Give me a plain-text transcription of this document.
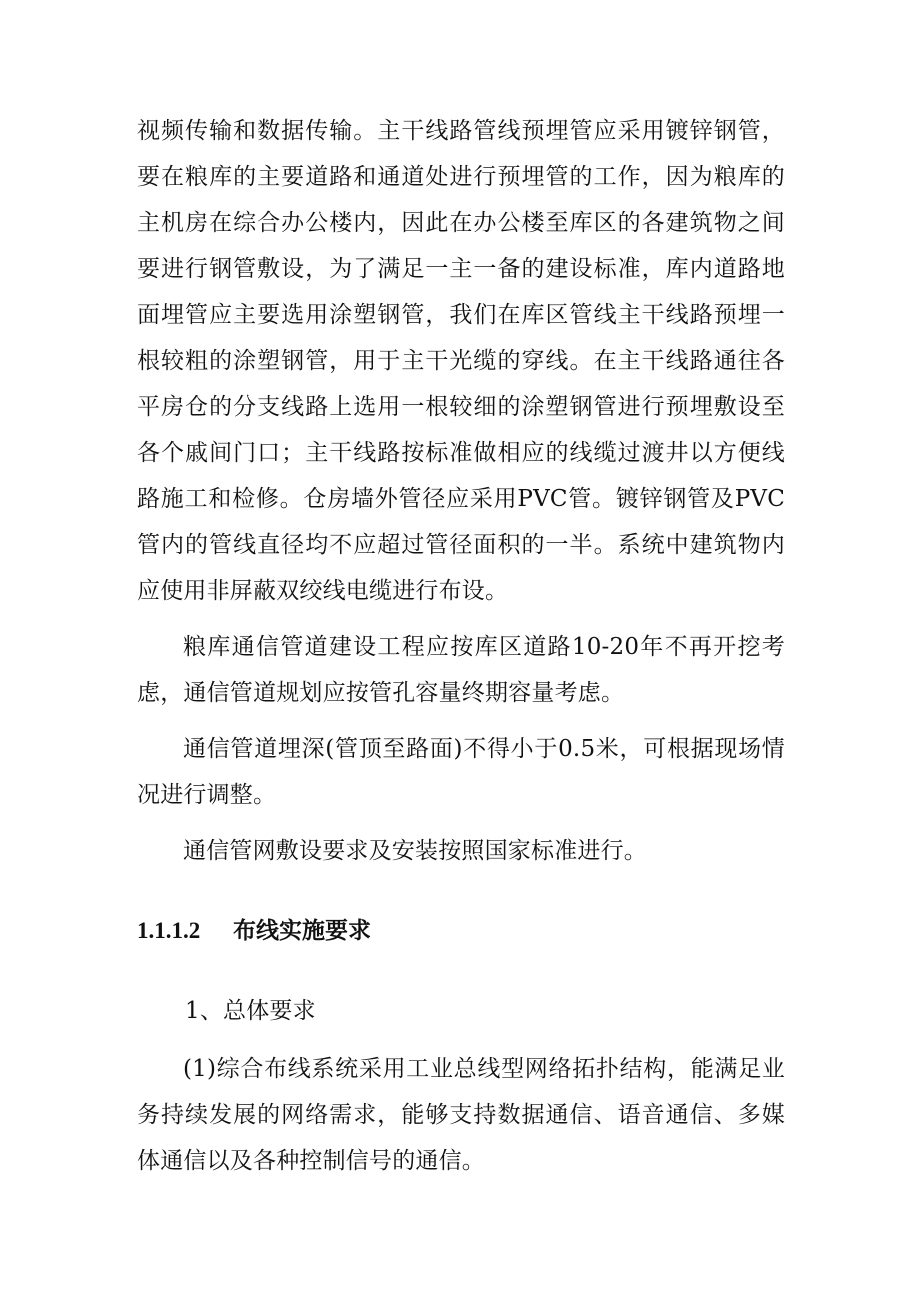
视频传输和数据传输。主干线路管线预埋管应采用镀锌钢管，要在粮库的主要道路和通道处进行预埋管的工作，因为粮库的主机房在综合办公楼内，因此在办公楼至库区的各建筑物之间要进行钢管敷设，为了满足一主一备的建设标准，库内道路地面埋管应主要选用涂塑钢管，我们在库区管线主干线路预埋一根较粗的涂塑钢管，用于主干光缆的穿线。在主干线路通往各平房仓的分支线路上选用一根较细的涂塑钢管进行预埋敷设至各个戚间门口；主干线路按标准做相应的线缆过渡井以方便线路施工和检修。仓房墙外管径应采用PVC管。镀锌钢管及PVC管内的管线直径均不应超过管径面积的一半。系统中建筑物内应使用非屏蔽双绞线电缆进行布设。

粮库通信管道建设工程应按库区道路10-20年不再开挖考虑，通信管道规划应按管孔容量终期容量考虑。

通信管道埋深(管顶至路面)不得小于0.5米，可根据现场情况进行调整。

通信管网敷设要求及安装按照国家标准进行。

1.1.1.2	布线实施要求

1、总体要求

(1)综合布线系统采用工业总线型网络拓扑结构，能满足业务持续发展的网络需求，能够支持数据通信、语音通信、多媒体通信以及各种控制信号的通信。
